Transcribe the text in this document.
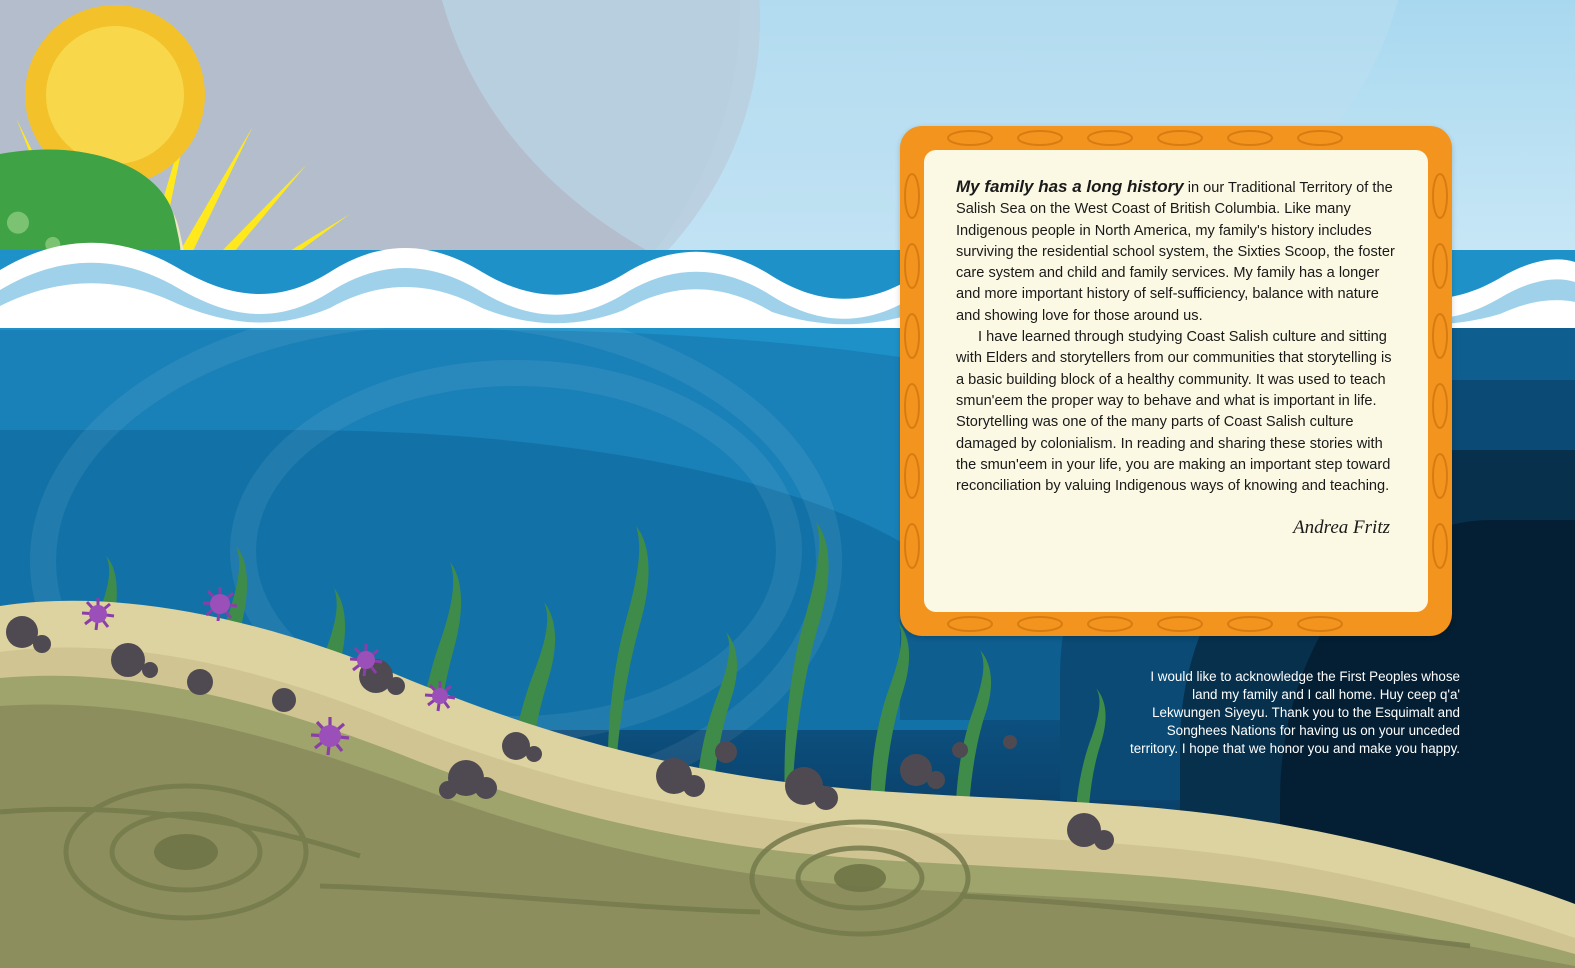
My family has a long history in our Traditional Territory of the Salish Sea on the West Coast of British Columbia. Like many Indigenous people in North America, my family's history includes surviving the residential school system, the Sixties Scoop, the foster care system and child and family services. My family has a longer and more important history of self-sufficiency, balance with nature and showing love for those around us.

I have learned through studying Coast Salish culture and sitting with Elders and storytellers from our communities that storytelling is a basic building block of a healthy community. It was used to teach smun'eem the proper way to behave and what is important in life. Storytelling was one of the many parts of Coast Salish culture damaged by colonialism. In reading and sharing these stories with the smun'eem in your life, you are making an important step toward reconciliation by valuing Indigenous ways of knowing and teaching.

Andrea Fritz
I would like to acknowledge the First Peoples whose land my family and I call home. Huy ceep q'a' Lekwungen Siyeyu. Thank you to the Esquimalt and Songhees Nations for having us on your unceded territory. I hope that we honor you and make you happy.
